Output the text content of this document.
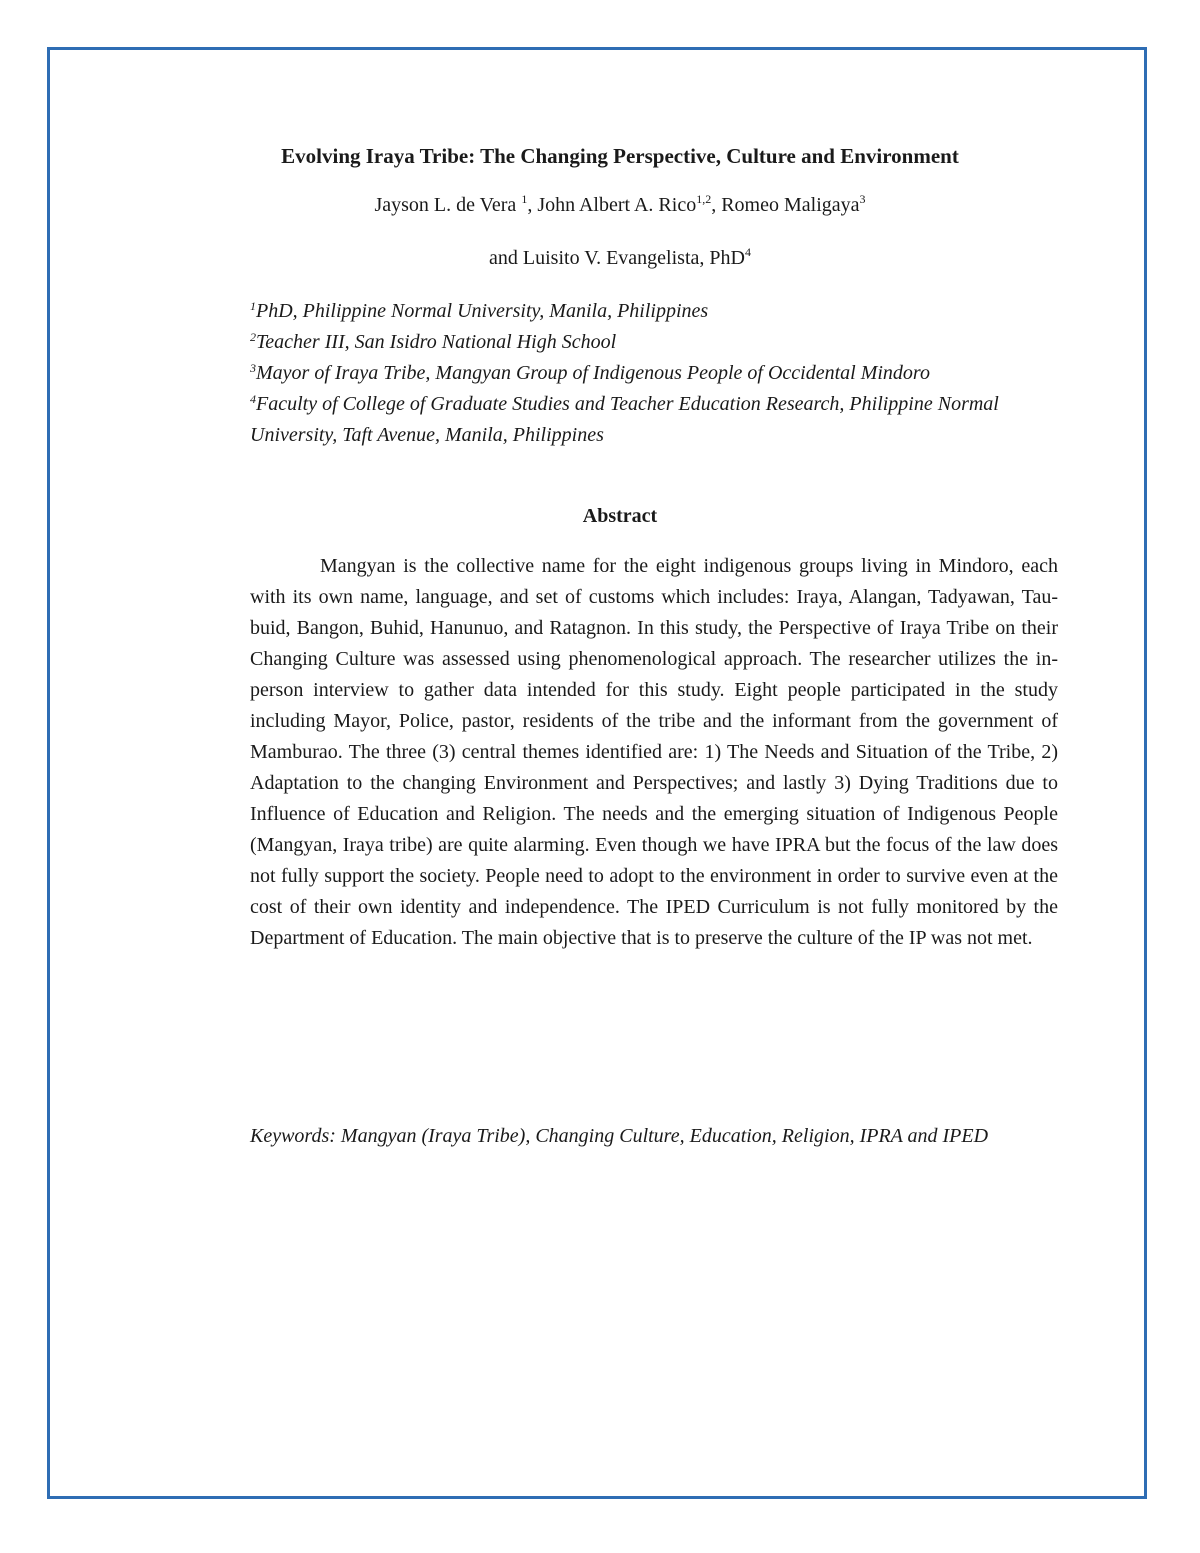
Evolving Iraya Tribe: The Changing Perspective, Culture and Environment
Jayson L. de Vera $^1$, John Albert A. Rico$^{1,2}$, Romeo Maligaya$^3$
and Luisito V. Evangelista, PhD$^4$

$^1$PhD, Philippine Normal University, Manila, Philippines

$^2$Teacher III, San Isidro National High School

$^3$Mayor of Iraya Tribe, Mangyan Group of Indigenous People of Occidental Mindoro

$^4$Faculty of College of Graduate Studies and Teacher Education Research, Philippine Normal University, Taft Avenue, Manila, Philippines

Abstract

Mangyan is the collective name for the eight indigenous groups living in Mindoro, each with its own name, language, and set of customs which includes: Iraya, Alangan, Tadyawan, Tau-buid, Bangon, Buhid, Hanunuo, and Ratagnon. In this study, the Perspective of Iraya Tribe on their Changing Culture was assessed using phenomenological approach. The researcher utilizes the in-person interview to gather data intended for this study. Eight people participated in the study including Mayor, Police, pastor, residents of the tribe and the informant from the government of Mamburao. The three (3) central themes identified are: 1) The Needs and Situation of the Tribe, 2) Adaptation to the changing Environment and Perspectives; and lastly 3) Dying Traditions due to Influence of Education and Religion. The needs and the emerging situation of Indigenous People (Mangyan, Iraya tribe) are quite alarming. Even though we have IPRA but the focus of the law does not fully support the society. People need to adopt to the environment in order to survive even at the cost of their own identity and independence. The IPED Curriculum is not fully monitored by the Department of Education. The main objective that is to preserve the culture of the IP was not met.

Keywords: Mangyan (Iraya Tribe), Changing Culture, Education, Religion, IPRA and IPED
